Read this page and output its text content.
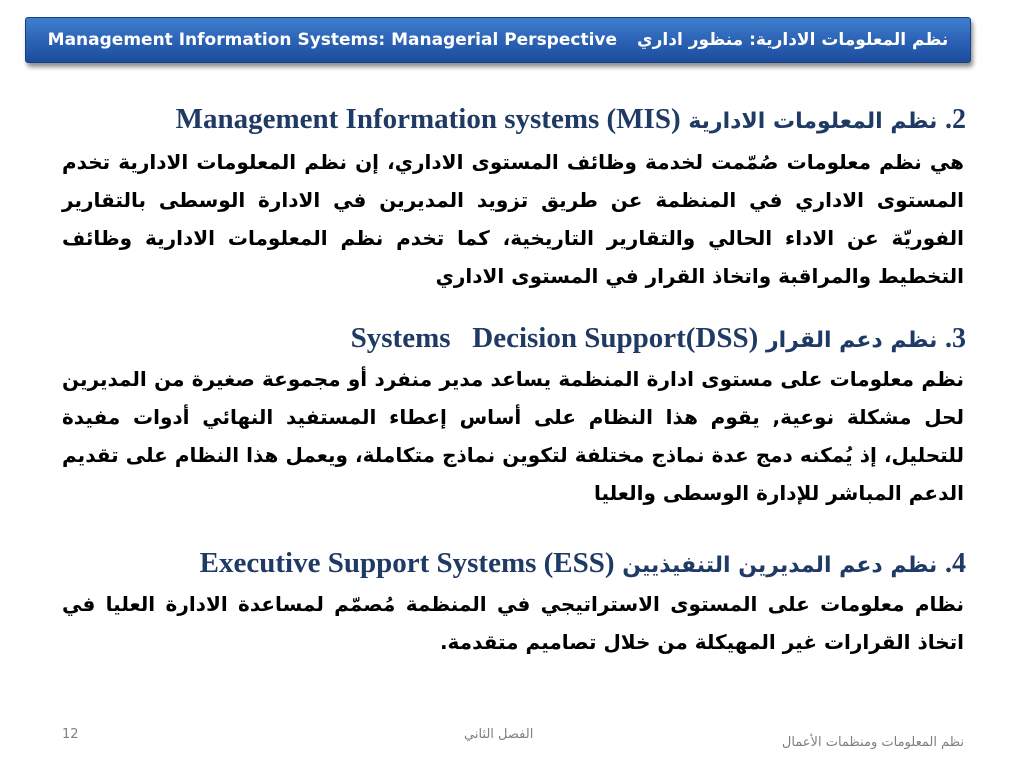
Management Information Systems: Managerial Perspective نظم المعلومات الادارية: منظور اداري
2. نظم المعلومات الادارية Management Information systems (MIS)
هي نظم معلومات صُمّمت لخدمة وظائف المستوى الاداري، إن نظم المعلومات الادارية تخدم المستوى الاداري في المنظمة عن طريق تزويد المديرين في الادارة الوسطى بالتقارير الفوريّة عن الاداء الحالي والتقارير التاريخية، كما تخدم نظم المعلومات الادارية وظائف التخطيط والمراقبة واتخاذ القرار في المستوى الاداري
3. نظم دعم القرار Systems   Decision Support(DSS)
نظم معلومات على مستوى ادارة المنظمة يساعد مدير منفرد أو مجموعة صغيرة من المديرين لحل مشكلة نوعية, يقوم هذا النظام على أساس إعطاء المستفيد النهائي أدوات مفيدة للتحليل، إذ يُمكنه دمج عدة نماذج مختلفة لتكوين نماذج متكاملة، ويعمل هذا النظام على تقديم الدعم المباشر للإدارة الوسطى والعليا
4. نظم دعم المديرين التنفيذيين Executive Support Systems (ESS)
نظام معلومات على المستوى الاستراتيجي في المنظمة مُصمّم لمساعدة الادارة العليا في اتخاذ القرارات غير المهيكلة من خلال تصاميم متقدمة.
12	الفصل الثاني
نظم المعلومات ومنظمات الأعمال
